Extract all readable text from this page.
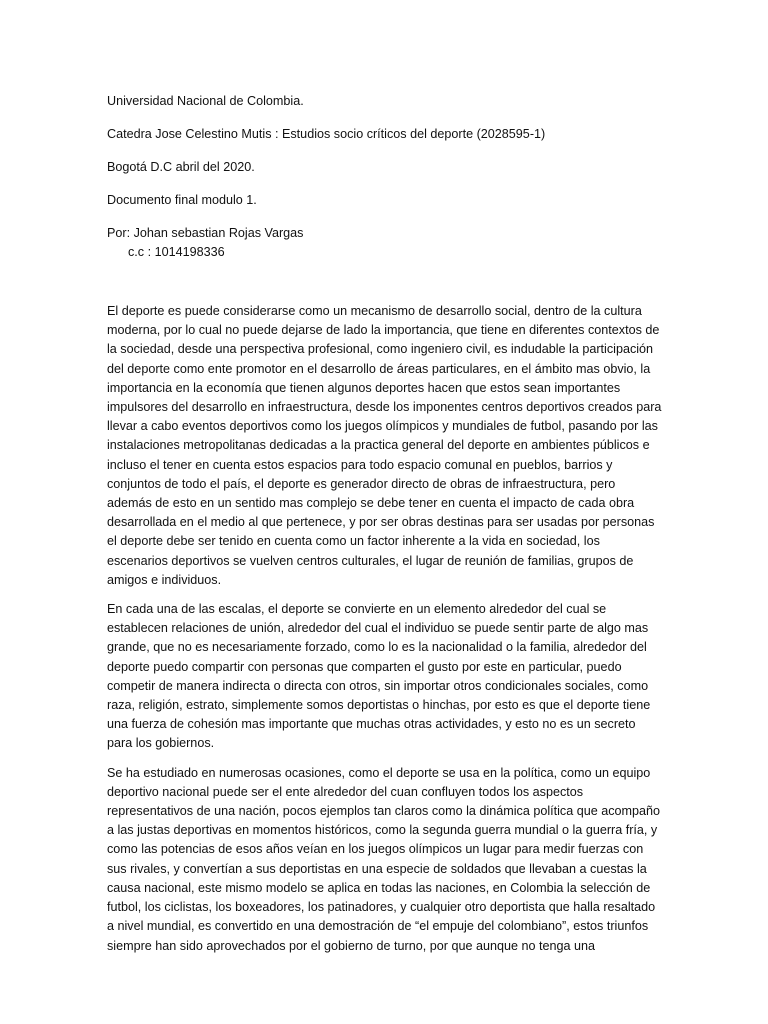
Universidad Nacional de Colombia.
Catedra Jose Celestino Mutis : Estudios socio críticos del deporte (2028595-1)
Bogotá D.C abril del 2020.
Documento final modulo 1.
Por: Johan sebastian Rojas Vargas
c.c : 1014198336

El deporte es puede considerarse como un mecanismo de desarrollo social, dentro de la cultura moderna, por lo cual no puede dejarse de lado la importancia, que tiene en diferentes contextos de la sociedad, desde una perspectiva profesional, como ingeniero civil, es indudable la participación del deporte como ente promotor en el desarrollo de áreas particulares, en el ámbito mas obvio, la importancia en la economía que tienen algunos deportes hacen que estos sean importantes impulsores del desarrollo en infraestructura, desde los imponentes centros deportivos creados para llevar a cabo eventos deportivos como los juegos olímpicos y mundiales de futbol, pasando por las instalaciones metropolitanas dedicadas a la practica general del deporte en ambientes públicos e incluso el tener en cuenta estos espacios para todo espacio comunal en pueblos, barrios y conjuntos de todo el país, el deporte es generador directo de obras de infraestructura, pero además de esto en un sentido mas complejo se debe tener en cuenta el impacto de cada obra desarrollada en el medio al que pertenece, y por ser obras destinas para ser usadas por personas el deporte debe ser tenido en cuenta como un factor inherente a la vida en sociedad, los escenarios deportivos se vuelven centros culturales, el lugar de reunión de familias, grupos de amigos e individuos.

En cada una de las escalas, el deporte se convierte en un elemento alrededor del cual se establecen relaciones de unión, alrededor del cual el individuo se puede sentir parte de algo mas grande, que no es necesariamente forzado, como lo es la nacionalidad o la familia, alrededor del deporte puedo compartir con personas que comparten el gusto por este en particular, puedo competir de manera indirecta o directa con otros, sin importar otros condicionales sociales, como raza, religión, estrato, simplemente somos deportistas o hinchas, por esto es que el deporte tiene una fuerza de cohesión mas importante que muchas otras actividades, y esto no es un secreto para los gobiernos.

Se ha estudiado en numerosas ocasiones, como el deporte se usa en la política, como un equipo deportivo nacional puede ser el ente alrededor del cuan confluyen todos los aspectos representativos de una nación, pocos ejemplos tan claros como la dinámica política que acompaño a las justas deportivas en momentos históricos, como la segunda guerra mundial o la guerra fría, y como las potencias de esos años veían en los juegos olímpicos un lugar para medir fuerzas con sus rivales, y convertían a sus deportistas en una especie de soldados que llevaban a cuestas la causa nacional, este mismo modelo se aplica en todas las naciones, en Colombia la selección de futbol, los ciclistas, los boxeadores, los patinadores, y cualquier otro deportista que halla resaltado a nivel mundial, es convertido en una demostración de “el empuje del colombiano”, estos triunfos siempre han sido aprovechados por el gobierno de turno, por que aunque no tenga una
